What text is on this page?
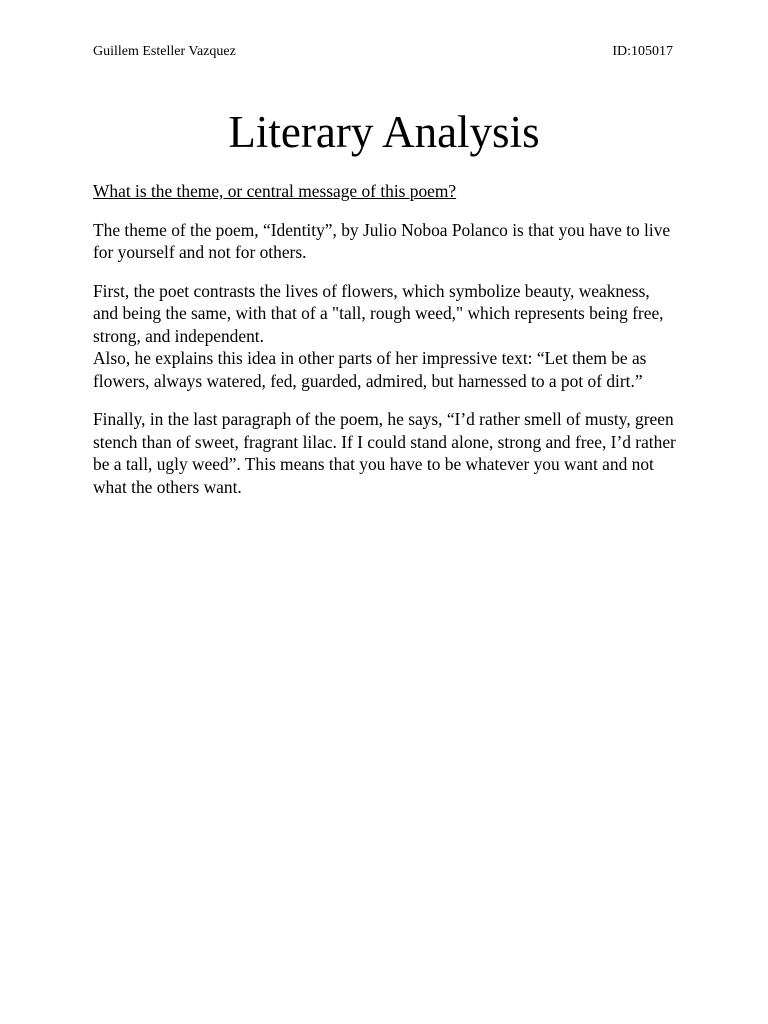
Guillem Esteller Vazquez	ID:105017
Literary Analysis

What is the theme, or central message of this poem?

The theme of the poem, “Identity”, by Julio Noboa Polanco is that you have to live for yourself and not for others.

First, the poet contrasts the lives of flowers, which symbolize beauty, weakness, and being the same, with that of a "tall, rough weed," which represents being free, strong, and independent.

Also, he explains this idea in other parts of her impressive text: “Let them be as flowers, always watered, fed, guarded, admired, but harnessed to a pot of dirt.”

Finally, in the last paragraph of the poem, he says, “I’d rather smell of musty, green stench than of sweet, fragrant lilac. If I could stand alone, strong and free, I’d rather be a tall, ugly weed”. This means that you have to be whatever you want and not what the others want.
